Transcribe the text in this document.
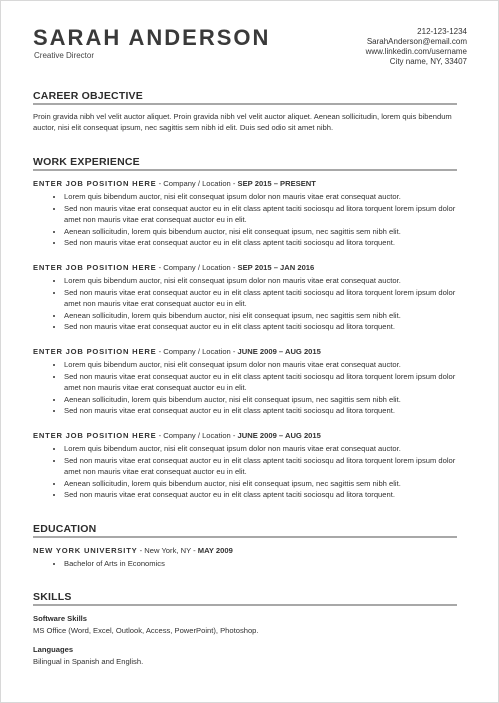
SARAH ANDERSON
Creative Director
212-123-1234
SarahAnderson@email.com
www.linkedin.com/username
City name, NY, 33407
CAREER OBJECTIVE
Proin gravida nibh vel velit auctor aliquet. Proin gravida nibh vel velit auctor aliquet. Aenean sollicitudin, lorem quis bibendum auctor, nisi elit consequat ipsum, nec sagittis sem nibh id elit. Duis sed odio sit amet nibh.
WORK EXPERIENCE
ENTER JOB POSITION HERE - Company / Location - SEP 2015 – PRESENT
• Lorem quis bibendum auctor, nisi elit consequat ipsum dolor non mauris vitae erat consequat auctor.
• Sed non mauris vitae erat consequat auctor eu in elit class aptent taciti sociosqu ad litora torquent lorem ipsum dolor amet non mauris vitae erat consequat auctor eu in elit.
• Aenean sollicitudin, lorem quis bibendum auctor, nisi elit consequat ipsum, nec sagittis sem nibh elit.
• Sed non mauris vitae erat consequat auctor eu in elit class aptent taciti sociosqu ad litora torquent.
ENTER JOB POSITION HERE - Company / Location - SEP 2015 – JAN 2016
• Lorem quis bibendum auctor, nisi elit consequat ipsum dolor non mauris vitae erat consequat auctor.
• Sed non mauris vitae erat consequat auctor eu in elit class aptent taciti sociosqu ad litora torquent lorem ipsum dolor amet non mauris vitae erat consequat auctor eu in elit.
• Aenean sollicitudin, lorem quis bibendum auctor, nisi elit consequat ipsum, nec sagittis sem nibh elit.
• Sed non mauris vitae erat consequat auctor eu in elit class aptent taciti sociosqu ad litora torquent.
ENTER JOB POSITION HERE - Company / Location - JUNE 2009 – AUG 2015
• Lorem quis bibendum auctor, nisi elit consequat ipsum dolor non mauris vitae erat consequat auctor.
• Sed non mauris vitae erat consequat auctor eu in elit class aptent taciti sociosqu ad litora torquent lorem ipsum dolor amet non mauris vitae erat consequat auctor eu in elit.
• Aenean sollicitudin, lorem quis bibendum auctor, nisi elit consequat ipsum, nec sagittis sem nibh elit.
• Sed non mauris vitae erat consequat auctor eu in elit class aptent taciti sociosqu ad litora torquent.
ENTER JOB POSITION HERE - Company / Location - JUNE 2009 – AUG 2015
• Lorem quis bibendum auctor, nisi elit consequat ipsum dolor non mauris vitae erat consequat auctor.
• Sed non mauris vitae erat consequat auctor eu in elit class aptent taciti sociosqu ad litora torquent lorem ipsum dolor amet non mauris vitae erat consequat auctor eu in elit.
• Aenean sollicitudin, lorem quis bibendum auctor, nisi elit consequat ipsum, nec sagittis sem nibh elit.
• Sed non mauris vitae erat consequat auctor eu in elit class aptent taciti sociosqu ad litora torquent.
EDUCATION
NEW YORK UNIVERSITY - New York, NY - MAY 2009
• Bachelor of Arts in Economics
SKILLS
Software Skills
MS Office (Word, Excel, Outlook, Access, PowerPoint), Photoshop.
Languages
Bilingual in Spanish and English.
